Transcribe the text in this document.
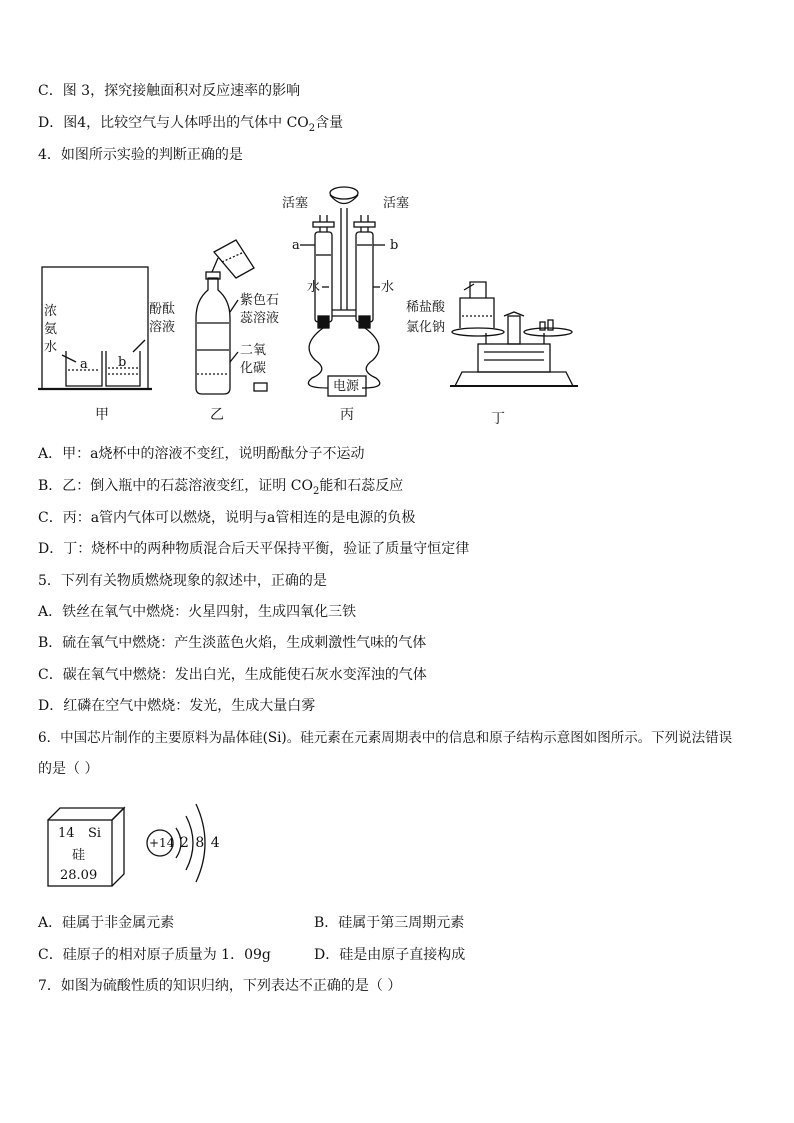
C．图 3，探究接触面积对反应速率的影响
D．图4，比较空气与人体呼出的气体中 $CO_2$含量
4．如图所示实验的判断正确的是
浓
氨
水
酚酞
溶液
a b
甲
紫色石
蕊溶液
二氧
化碳
乙
活塞	活塞
a	b
水	水
电源
丙
稀盐酸
氯化钠
丁
A．甲：a烧杯中的溶液不变红，说明酚酞分子不运动
B．乙：倒入瓶中的石蕊溶液变红，证明 $CO_2$能和石蕊反应
C．丙：a管内气体可以燃烧，说明与a管相连的是电源的负极
D．丁：烧杯中的两种物质混合后天平保持平衡，验证了质量守恒定律
5．下列有关物质燃烧现象的叙述中，正确的是
A．铁丝在氧气中燃烧：火星四射，生成四氧化三铁
B．硫在氧气中燃烧：产生淡蓝色火焰，生成刺激性气味的气体
C．碳在氧气中燃烧：发出白光，生成能使石灰水变浑浊的气体
D．红磷在空气中燃烧：发光，生成大量白雾
6．中国芯片制作的主要原料为晶体硅(Si)。硅元素在元素周期表中的信息和原子结构示意图如图所示。下列说法错误
的是（ ）
14 Si
硅
28.09
+14 2 8 4
A．硅属于非金属元素	B．硅属于第三周期元素
C．硅原子的相对原子质量为 1．09g	D．硅是由原子直接构成
7．如图为硫酸性质的知识归纳，下列表达不正确的是（ ）
